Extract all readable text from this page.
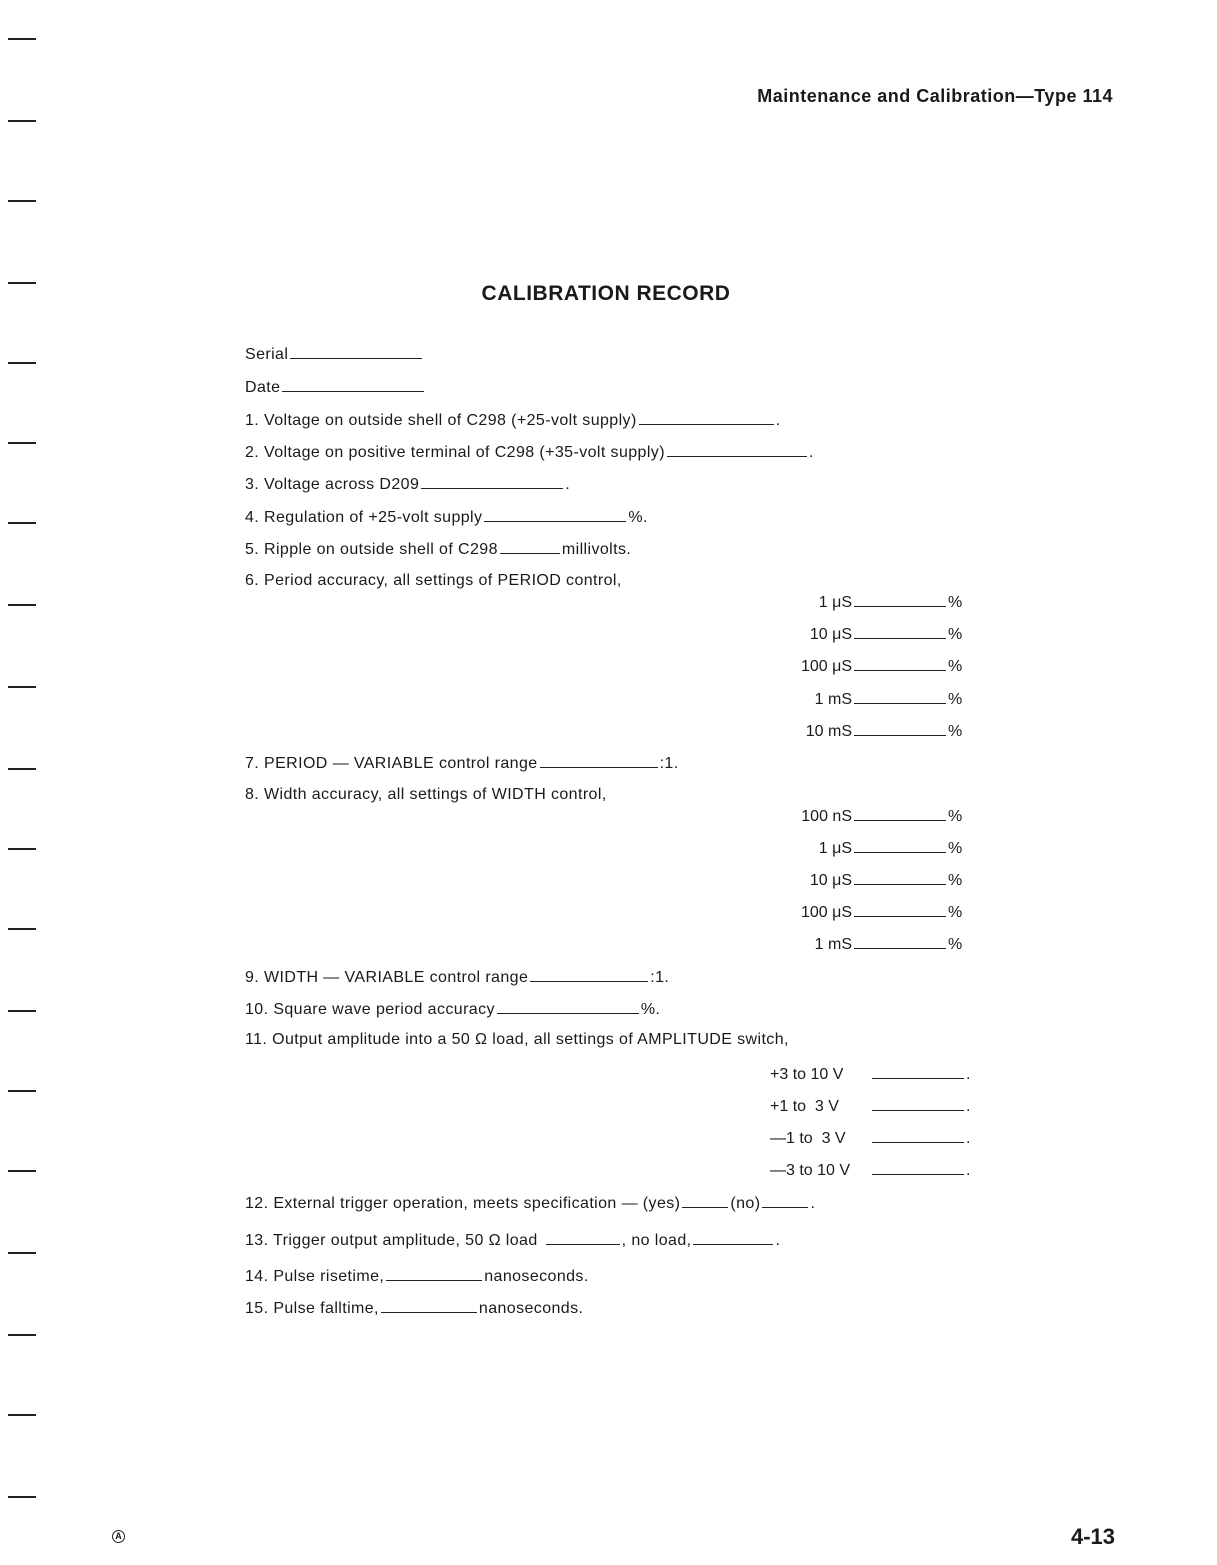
Maintenance and Calibration—Type 114
CALIBRATION RECORD
Serial
Date
1. Voltage on outside shell of C298 (+25-volt supply)	.
2. Voltage on positive terminal of C298 (+35-volt supply)	.
3. Voltage across D209	.
4. Regulation of +25-volt supply	%.
5. Ripple on outside shell of C298	millivolts.
6. Period accuracy, all settings of PERIOD control,
1 μS	%
10 μS	%
100 μS	%
1 mS	%
10 mS	%
7. PERIOD — VARIABLE control range	:1.
8. Width accuracy, all settings of WIDTH control,
100 nS	%
1 μS	%
10 μS	%
100 μS	%
1 mS	%
9. WIDTH — VARIABLE control range	:1.
10. Square wave period accuracy	%.
11. Output amplitude into a 50 Ω load, all settings of AMPLITUDE switch,
+3 to 10 V	.
+1 to  3 V	.
—1 to  3 V	.
—3 to 10 V	.
12. External trigger operation, meets specification — (yes)	(no)	.
13. Trigger output amplitude, 50 Ω load	, no load,	.
14. Pulse risetime,	nanoseconds.
15. Pulse falltime,	nanoseconds.
A	4-13
